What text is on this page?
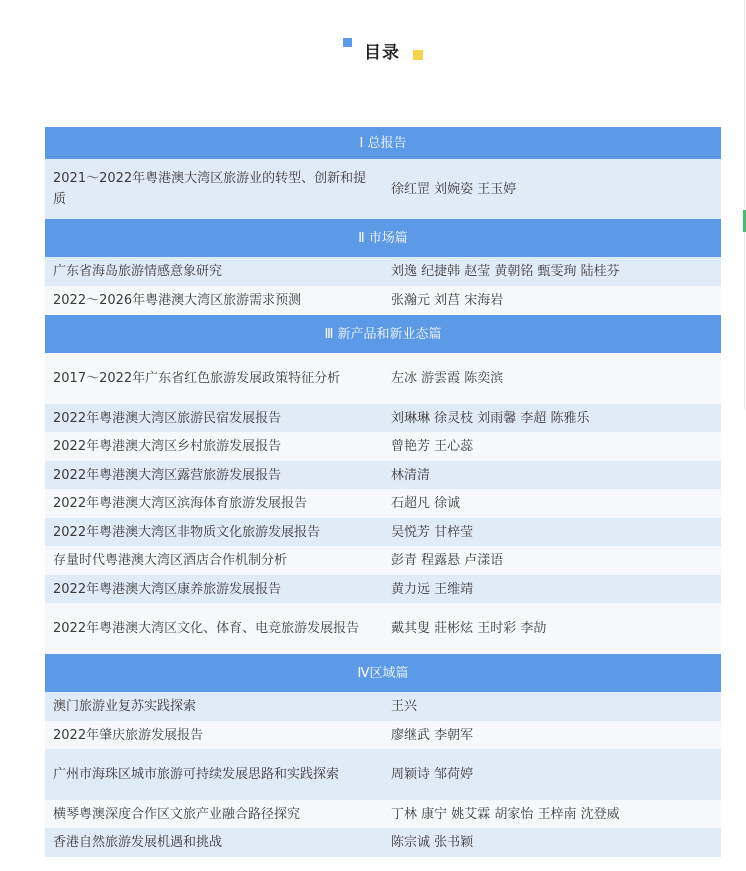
目录
Ⅰ 总报告	
2021～2022年粤港澳大湾区旅游业的转型、创新和提质	徐红罡 刘婉姿 王玉婷
Ⅱ 市场篇	
广东省海岛旅游情感意象研究	刘逸 纪捷韩 赵莹 黄朝铭 甄雯珣 陆桂芬
2022～2026年粤港澳大湾区旅游需求预测	张瀚元 刘莒 宋海岩
Ⅲ 新产品和新业态篇	
2017～2022年广东省红色旅游发展政策特征分析	左冰 游雲霞 陈奕滨
2022年粤港澳大湾区旅游民宿发展报告	刘琳琳 徐灵枝 刘雨馨 李超 陈雅乐
2022年粤港澳大湾区乡村旅游发展报告	曾艳芳 王心蕊
2022年粤港澳大湾区露营旅游发展报告	林清清
2022年粤港澳大湾区滨海体育旅游发展报告	石超凡 徐诚
2022年粤港澳大湾区非物质文化旅游发展报告	吴悦芳 甘梓莹
存量时代粤港澳大湾区酒店合作机制分析	彭青 程露悬 卢漾语
2022年粤港澳大湾区康养旅游发展报告	黄力远 王维靖
2022年粤港澳大湾区文化、体育、电竞旅游发展报告	戴其叟 莊彬炫 王时彩 李劼
Ⅳ区域篇	
澳门旅游业复苏实践探索	王兴
2022年肇庆旅游发展报告	廖继武 李朝军
广州市海珠区城市旅游可持续发展思路和实践探索	周颖诗 邹荷婷
横琴粤澳深度合作区文旅产业融合路径探究	丁林 康宁 姚艾霖 胡家怡 王梓南 沈登威
香港自然旅游发展机遇和挑战	陈宗诚 张书颖
